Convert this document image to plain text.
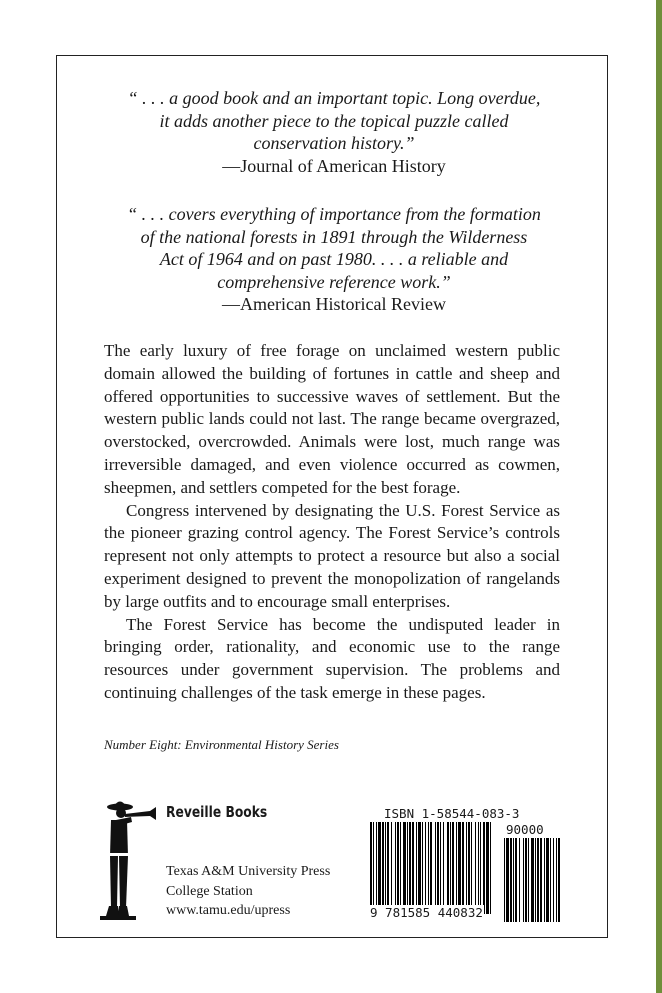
“ . . . a good book and an important topic. Long overdue,
it adds another piece to the topical puzzle called
conservation history.”
—Journal of American History
“ . . . covers everything of importance from the formation
of the national forests in 1891 through the Wilderness
Act of 1964 and on past 1980. . . . a reliable and
comprehensive reference work.”
—American Historical Review

The early luxury of free forage on unclaimed western public domain allowed the building of fortunes in cattle and sheep and offered opportunities to successive waves of settlement. But the western public lands could not last. The range became overgrazed, overstocked, overcrowded. Animals were lost, much range was irreversible damaged, and even violence occurred as cowmen, sheepmen, and settlers competed for the best forage.

Congress intervened by designating the U.S. Forest Service as the pioneer grazing control agency. The Forest Service’s controls represent not only attempts to protect a resource but also a social experiment designed to prevent the monopolization of rangelands by large outfits and to encourage small enterprises.

The Forest Service has become the undisputed leader in bringing order, rationality, and economic use to the range resources under government supervision. The problems and continuing challenges of the task emerge in these pages.

Number Eight: Environmental History Series
Reveille Books
Texas A&M University Press
College Station
www.tamu.edu/upress
ISBN 1-58544-083-3
90000
9 781585 440832
